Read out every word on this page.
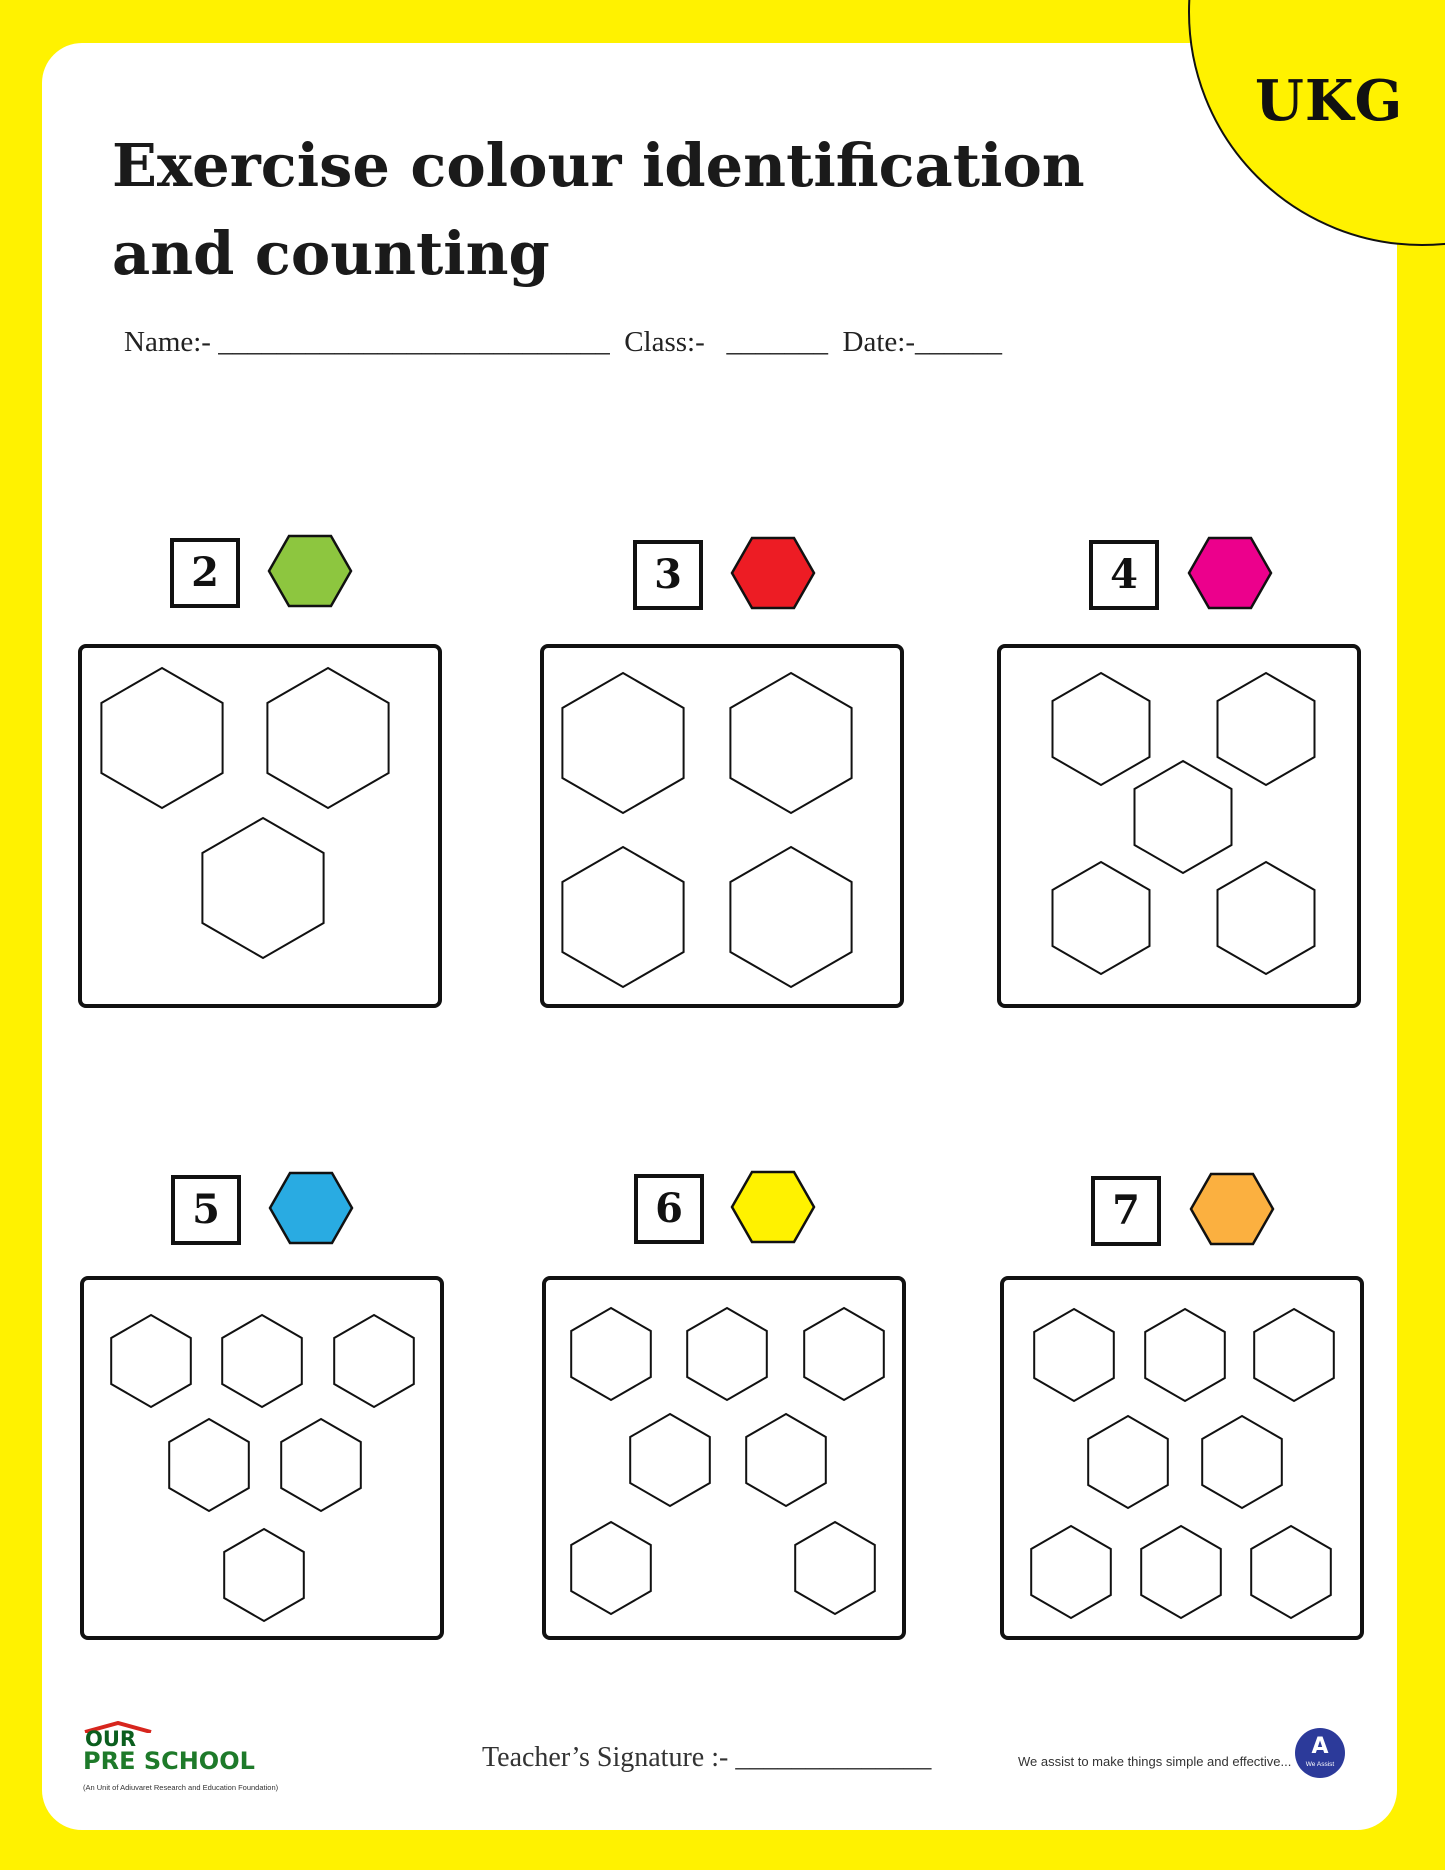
UKG
Exercise colour identification
and counting
Name:- ___________________________ Class:- _______ Date:-______
2	3	4
5	6	7
OUR
PRE SCHOOL
(An Unit of Adiuvaret Research and Education Foundation)
Teacher’s Signature :- ______________	We assist to make things simple and effective...
A
We Assist
